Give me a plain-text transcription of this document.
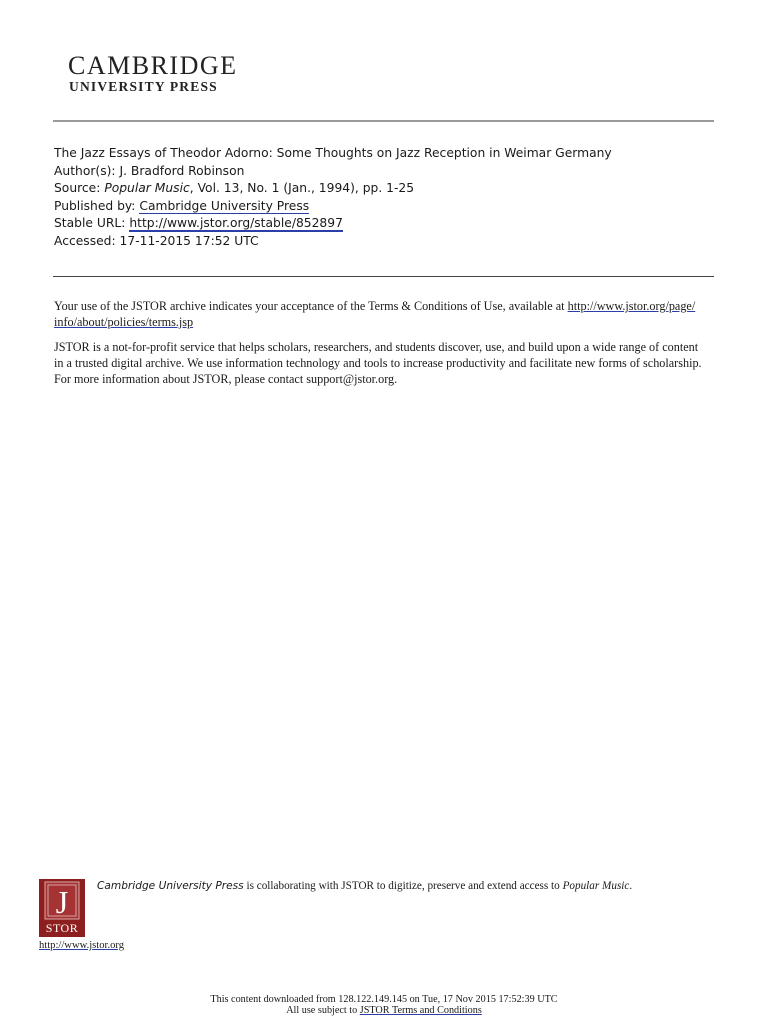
CAMBRIDGE
UNIVERSITY PRESS
The Jazz Essays of Theodor Adorno: Some Thoughts on Jazz Reception in Weimar Germany
Author(s): J. Bradford Robinson
Source: Popular Music, Vol. 13, No. 1 (Jan., 1994), pp. 1-25
Published by: Cambridge University Press
Stable URL: http://www.jstor.org/stable/852897
Accessed: 17-11-2015 17:52 UTC
Your use of the JSTOR archive indicates your acceptance of the Terms & Conditions of Use, available at http://www.jstor.org/page/
info/about/policies/terms.jsp
JSTOR is a not-for-profit service that helps scholars, researchers, and students discover, use, and build upon a wide range of content
in a trusted digital archive. We use information technology and tools to increase productivity and facilitate new forms of scholarship.
For more information about JSTOR, please contact support@jstor.org.
J
STOR
Cambridge University Press is collaborating with JSTOR to digitize, preserve and extend access to Popular Music.
http://www.jstor.org
This content downloaded from 128.122.149.145 on Tue, 17 Nov 2015 17:52:39 UTC
All use subject to JSTOR Terms and Conditions
